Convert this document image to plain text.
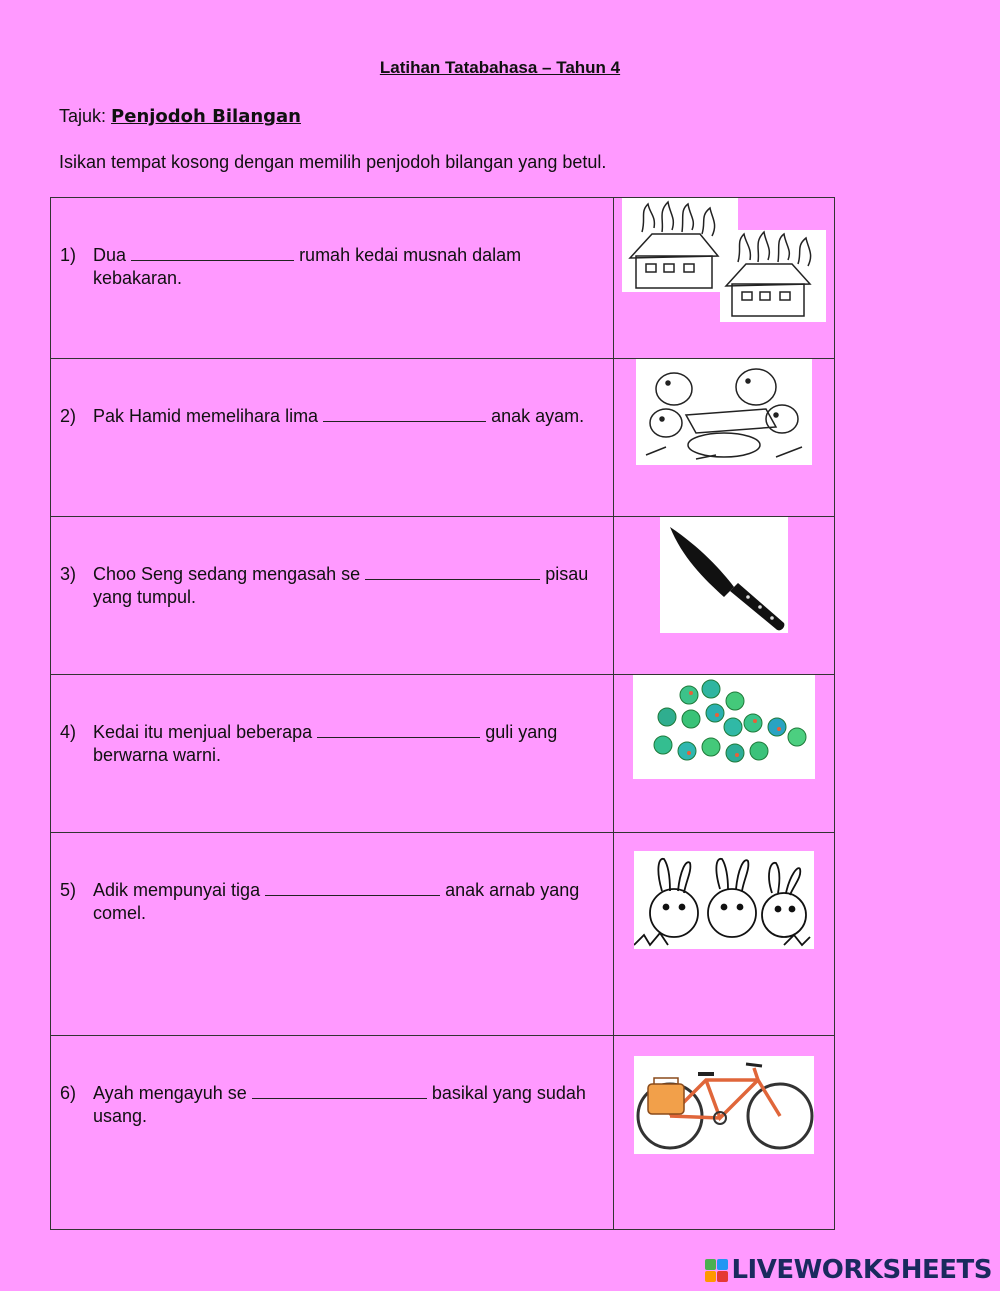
Latihan Tatabahasa – Tahun 4
Tajuk: Penjodoh Bilangan
Isikan tempat kosong dengan memilih penjodoh bilangan yang betul.
1) Dua rumah kedai musnah dalam kebakaran.

2) Pak Hamid memelihara lima anak ayam.

3) Choo Seng sedang mengasah se pisau yang tumpul.

4) Kedai itu menjual beberapa guli yang berwarna warni.

5) Adik mempunyai tiga anak arnab yang comel.

6) Ayah mengayuh se basikal yang sudah usang.

LIVEWORKSHEETS
